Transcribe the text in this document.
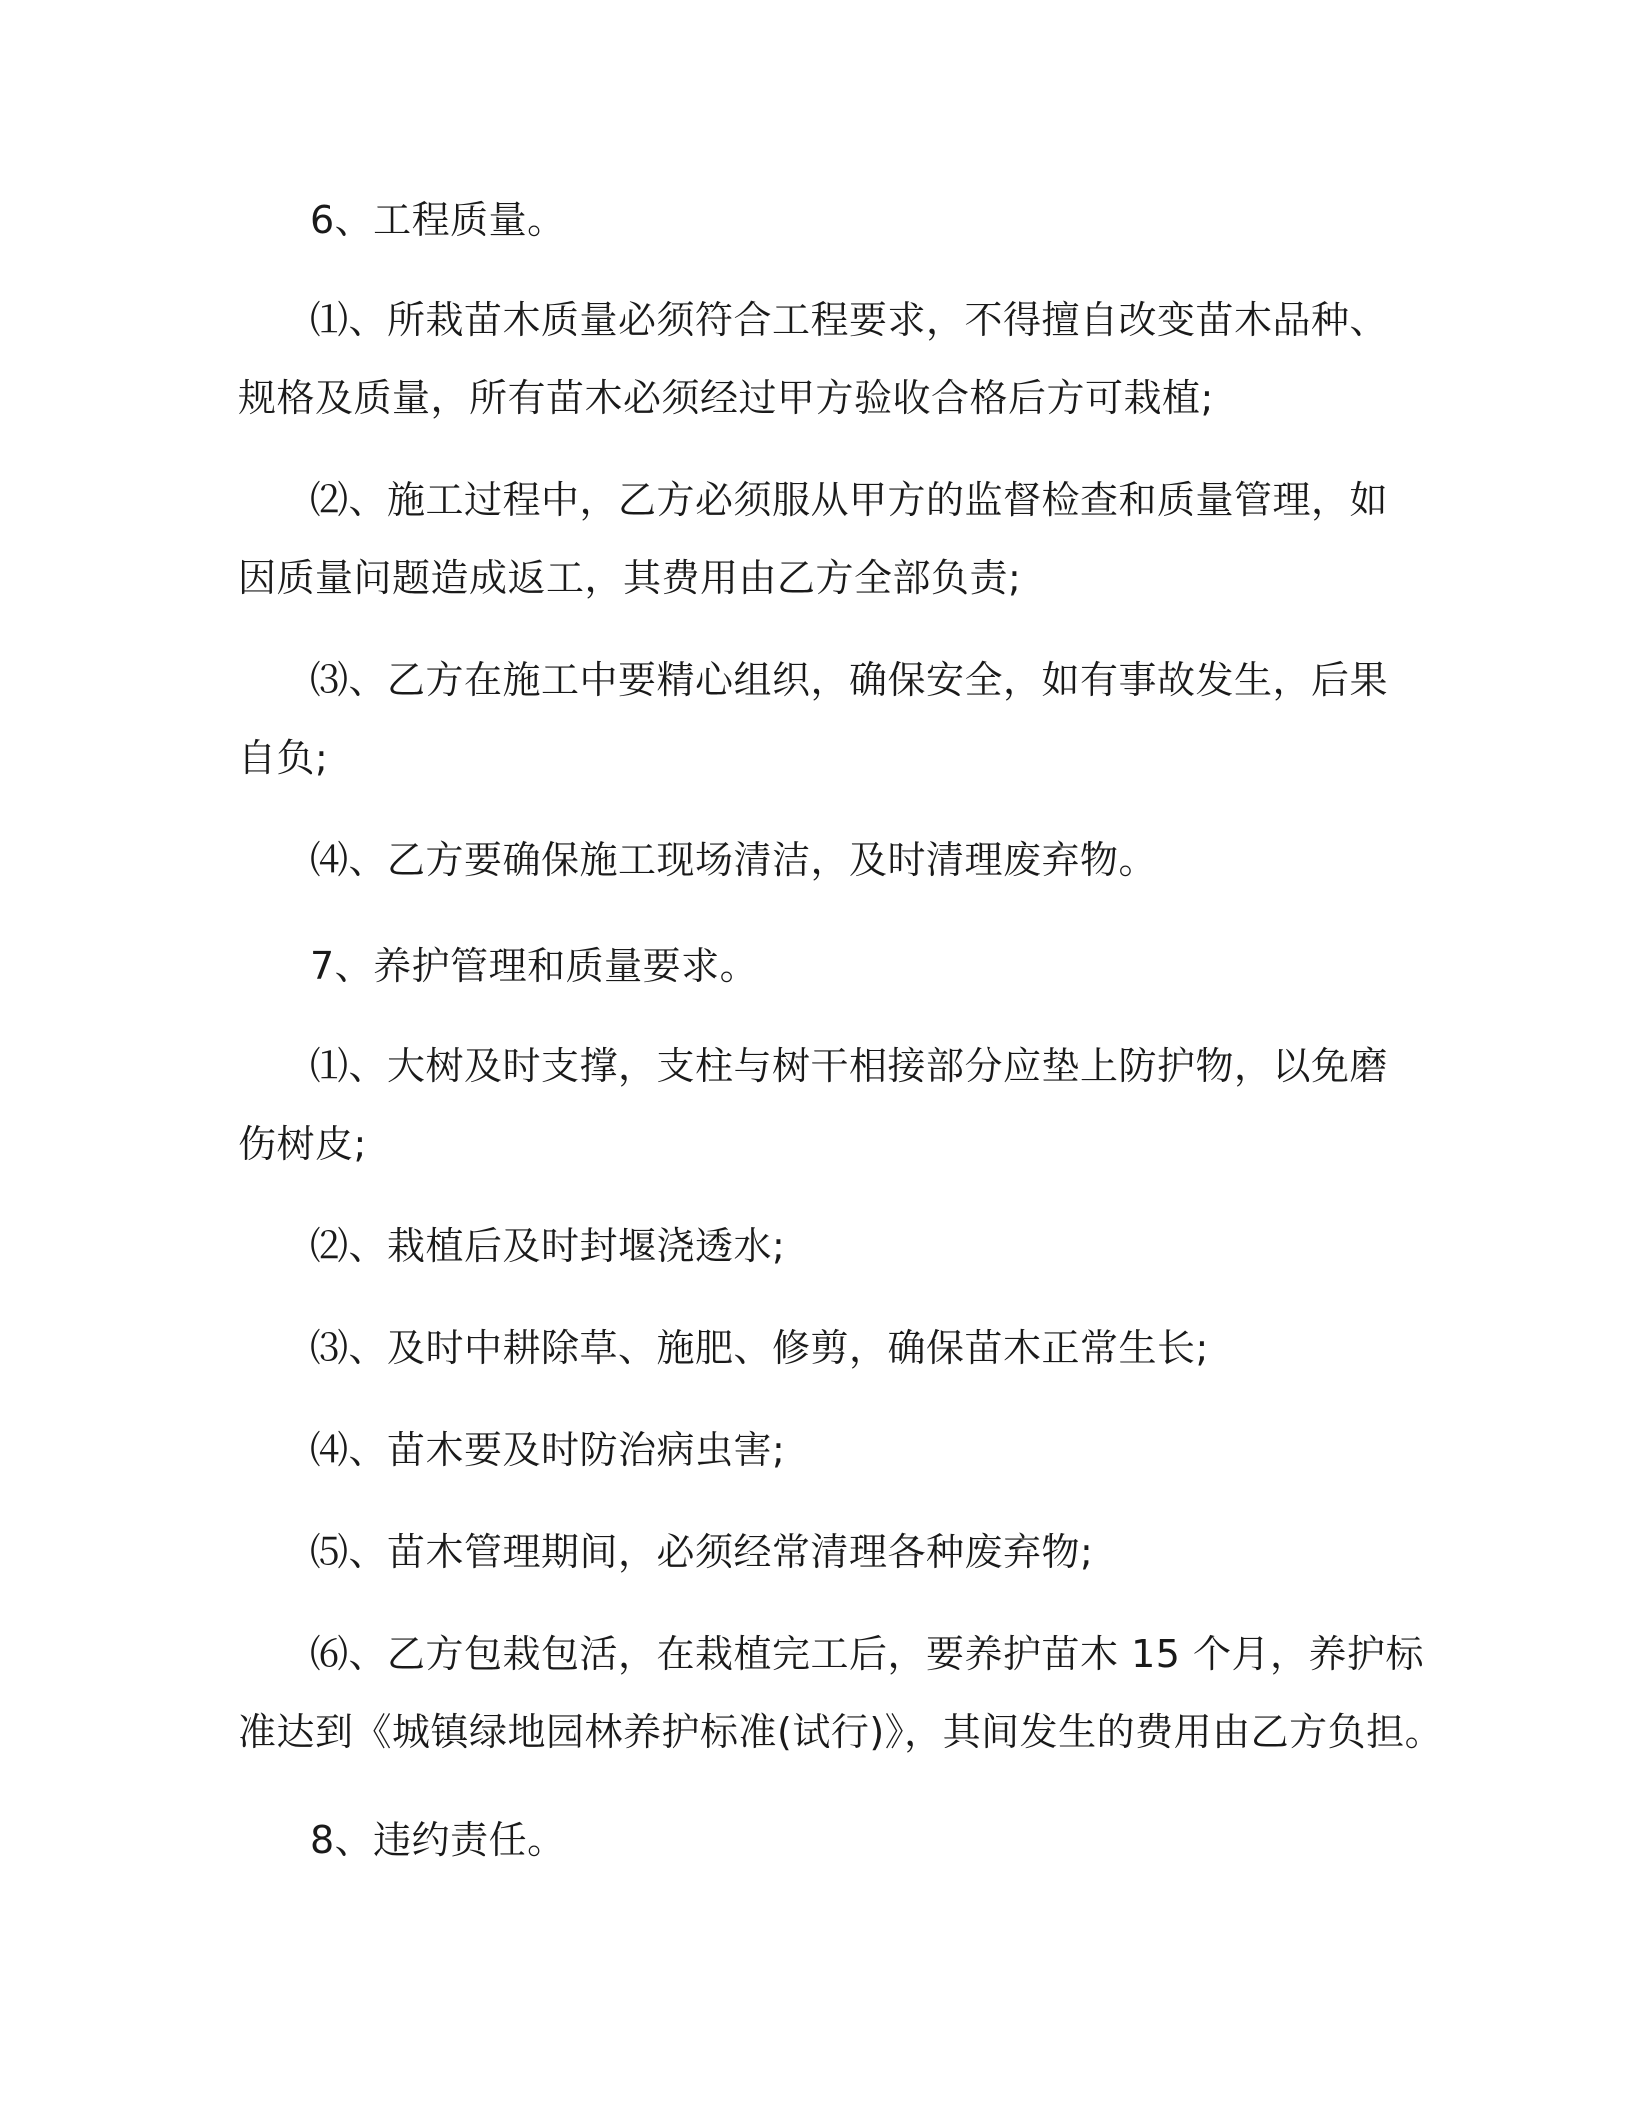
6、工程质量。
⑴、所栽苗木质量必须符合工程要求，不得擅自改变苗木品种、
规格及质量，所有苗木必须经过甲方验收合格后方可栽植;
⑵、施工过程中，乙方必须服从甲方的监督检查和质量管理，如
因质量问题造成返工，其费用由乙方全部负责;
⑶、乙方在施工中要精心组织，确保安全，如有事故发生，后果
自负;
⑷、乙方要确保施工现场清洁，及时清理废弃物。
7、养护管理和质量要求。
⑴、大树及时支撑，支柱与树干相接部分应垫上防护物，以免磨
伤树皮;
⑵、栽植后及时封堰浇透水;
⑶、及时中耕除草、施肥、修剪，确保苗木正常生长;
⑷、苗木要及时防治病虫害;
⑸、苗木管理期间，必须经常清理各种废弃物;
⑹、乙方包栽包活，在栽植完工后，要养护苗木 15 个月，养护标
准达到《城镇绿地园林养护标准(试行)》，其间发生的费用由乙方负担。
8、违约责任。
